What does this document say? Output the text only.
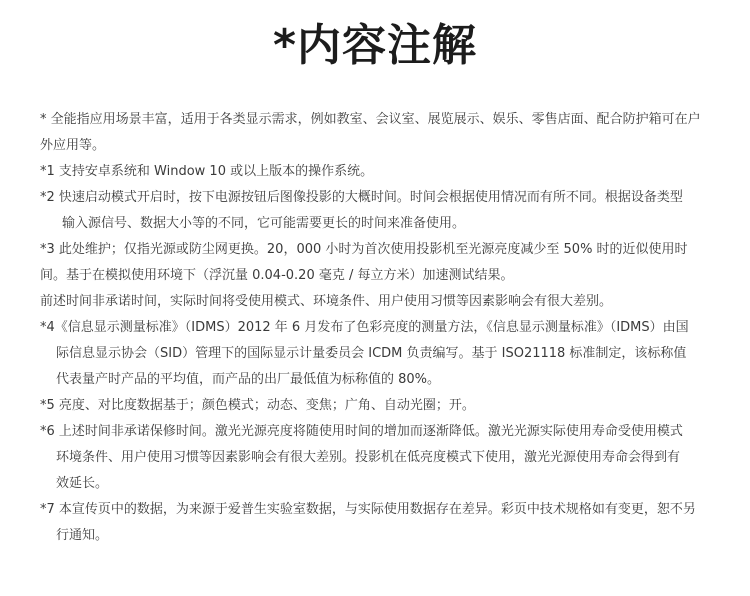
*内容注解
* 全能指应用场景丰富，适用于各类显示需求，例如教室、会议室、展览展示、娱乐、零售店面、配合防护箱可在户
外应用等。
*1 支持安卓系统和 Window 10 或以上版本的操作系统。
*2 快速启动模式开启时，按下电源按钮后图像投影的大概时间。时间会根据使用情况而有所不同。根据设备类型
输入源信号、数据大小等的不同，它可能需要更长的时间来准备使用。
*3 此处维护；仅指光源或防尘网更换。20，000 小时为首次使用投影机至光源亮度减少至 50% 时的近似使用时
间。基于在模拟使用环境下（浮沉量 0.04-0.20 毫克 / 每立方米）加速测试结果。
前述时间非承诺时间，实际时间将受使用模式、环境条件、用户使用习惯等因素影响会有很大差别。
*4《信息显示测量标准》（IDMS）2012 年 6 月发布了色彩亮度的测量方法，《信息显示测量标准》（IDMS）由国
际信息显示协会（SID）管理下的国际显示计量委员会 ICDM 负责编写。基于 ISO21118 标准制定，该标称值
代表量产时产品的平均值，而产品的出厂最低值为标称值的 80%。
*5 亮度、对比度数据基于；颜色模式；动态、变焦；广角、自动光圈；开。
*6 上述时间非承诺保修时间。激光光源亮度将随使用时间的增加而逐渐降低。激光光源实际使用寿命受使用模式
环境条件、用户使用习惯等因素影响会有很大差别。投影机在低亮度模式下使用，激光光源使用寿命会得到有
效延长。
*7 本宣传页中的数据，为来源于爱普生实验室数据，与实际使用数据存在差异。彩页中技术规格如有变更，恕不另
行通知。
